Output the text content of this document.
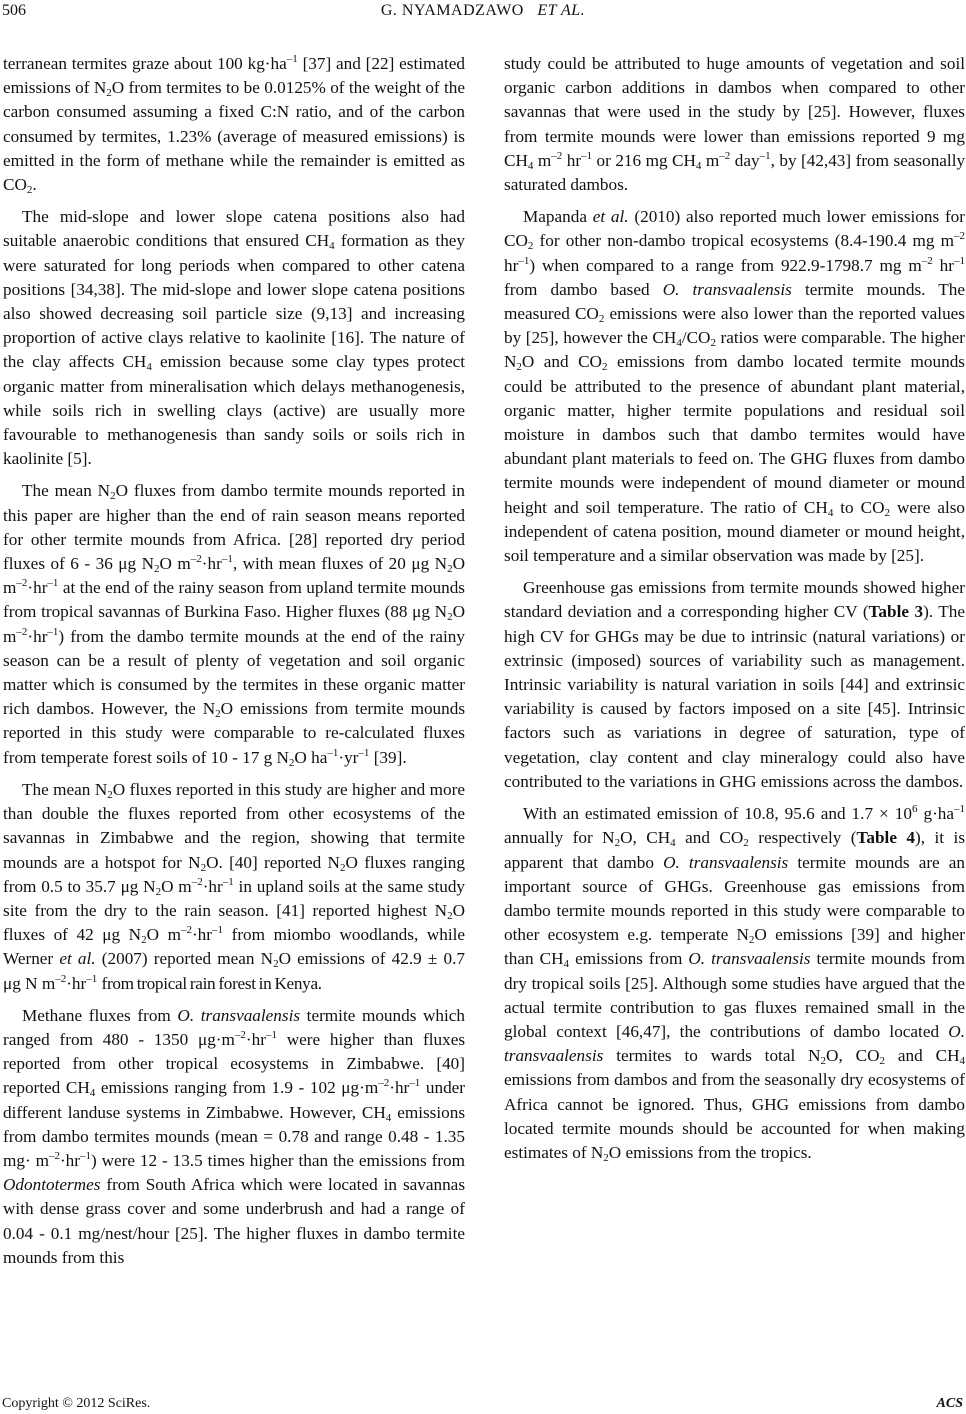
506	G. NYAMADZAWO ET AL.

terranean termites graze about 100 $kg\cdot ha^{-1}$ [37] and [22] estimated emissions of $N_2O$ from termites to be 0.0125% of the weight of the carbon consumed assuming a fixed C:N ratio, and of the carbon consumed by termites, 1.23% (average of measured emissions) is emitted in the form of methane while the remainder is emitted as $CO_2$.

The mid-slope and lower slope catena positions also had suitable anaerobic conditions that ensured $CH_4$ formation as they were saturated for long periods when compared to other catena positions [34,38]. The mid-slope and lower slope catena positions also showed decreasing soil particle size (9,13] and increasing proportion of active clays relative to kaolinite [16]. The nature of the clay affects $CH_4$ emission because some clay types protect organic matter from mineralisation which delays methanogenesis, while soils rich in swelling clays (active) are usually more favourable to methanogenesis than sandy soils or soils rich in kaolinite [5].

The mean $N_2O$ fluxes from dambo termite mounds reported in this paper are higher than the end of rain season means reported for other termite mounds from Africa. [28] reported dry period fluxes of 6 - 36 μg $N_2O$ $m^{-2}\cdot hr^{-1}$, with mean fluxes of 20 μg $N_2O$ $m^{-2}\cdot hr^{-1}$ at the end of the rainy season from upland termite mounds from tropical savannas of Burkina Faso. Higher fluxes (88 μg $N_2O$ $m^{-2}\cdot hr^{-1}$) from the dambo termite mounds at the end of the rainy season can be a result of plenty of vegetation and soil organic matter which is consumed by the termites in these organic matter rich dambos. However, the $N_2O$ emissions from termite mounds reported in this study were comparable to re-calculated fluxes from temperate forest soils of 10 - 17 g $N_2O$ $ha^{-1}\cdot yr^{-1}$ [39].

The mean $N_2O$ fluxes reported in this study are higher and more than double the fluxes reported from other ecosystems of the savannas in Zimbabwe and the region, showing that termite mounds are a hotspot for $N_2O$. [40] reported $N_2O$ fluxes ranging from 0.5 to 35.7 μg $N_2O$ $m^{-2}\cdot hr^{-1}$ in upland soils at the same study site from the dry to the rain season. [41] reported highest $N_2O$ fluxes of 42 μg $N_2O$ $m^{-2}\cdot hr^{-1}$ from miombo woodlands, while Werner et al. (2007) reported mean $N_2O$ emissions of 42.9 ± 0.7 μg N $m^{-2}\cdot hr^{-1}$ from tropical rain forest in Kenya.

Methane fluxes from O. transvaalensis termite mounds which ranged from 480 - 1350 $\mu g\cdot m^{-2}\cdot hr^{-1}$ were higher than fluxes reported from other tropical ecosystems in Zimbabwe. [40] reported $CH_4$ emissions ranging from 1.9 - 102 $\mu g\cdot m^{-2}\cdot hr^{-1}$ under different landuse systems in Zimbabwe. However, $CH_4$ emissions from dambo termites mounds (mean = 0.78 and range 0.48 - 1.35 $mg\cdot m^{-2}\cdot hr^{-1}$) were 12 - 13.5 times higher than the emissions from Odontotermes from South Africa which were located in savannas with dense grass cover and some underbrush and had a range of 0.04 - 0.1 mg/nest/hour [25]. The higher fluxes in dambo termite mounds from this

study could be attributed to huge amounts of vegetation and soil organic carbon additions in dambos when compared to other savannas that were used in the study by [25]. However, fluxes from termite mounds were lower than emissions reported 9 mg $CH_4$ $m^{-2}$ $hr^{-1}$ or 216 mg $CH_4$ $m^{-2}$ day$^{-1}$, by [42,43] from seasonally saturated dambos.

Mapanda et al. (2010) also reported much lower emissions for $CO_2$ for other non-dambo tropical ecosystems (8.4-190.4 mg $m^{-2}$ $hr^{-1}$) when compared to a range from 922.9-1798.7 mg $m^{-2}$ $hr^{-1}$ from dambo based O. transvaalensis termite mounds. The measured $CO_2$ emissions were also lower than the reported values by [25], however the $CH_4/CO_2$ ratios were comparable. The higher $N_2O$ and $CO_2$ emissions from dambo located termite mounds could be attributed to the presence of abundant plant material, organic matter, higher termite populations and residual soil moisture in dambos such that dambo termites would have abundant plant materials to feed on. The GHG fluxes from dambo termite mounds were independent of mound diameter or mound height and soil temperature. The ratio of $CH_4$ to $CO_2$ were also independent of catena position, mound diameter or mound height, soil temperature and a similar observation was made by [25].

Greenhouse gas emissions from termite mounds showed higher standard deviation and a corresponding higher CV (Table 3). The high CV for GHGs may be due to intrinsic (natural variations) or extrinsic (imposed) sources of variability such as management. Intrinsic variability is natural variation in soils [44] and extrinsic variability is caused by factors imposed on a site [45]. Intrinsic factors such as variations in degree of saturation, type of vegetation, clay content and clay mineralogy could also have contributed to the variations in GHG emissions across the dambos.

With an estimated emission of 10.8, 95.6 and $1.7 \times 10^6$ $g\cdot ha^{-1}$ annually for $N_2O$, $CH_4$ and $CO_2$ respectively (Table 4), it is apparent that dambo O. transvaalensis termite mounds are an important source of GHGs. Greenhouse gas emissions from dambo termite mounds reported in this study were comparable to other ecosystem e.g. temperate $N_2O$ emissions [39] and higher than $CH_4$ emissions from O. transvaalensis termite mounds from dry tropical soils [25]. Although some studies have argued that the actual termite contribution to gas fluxes remained small in the global context [46,47], the contributions of dambo located O. transvaalensis termites to wards total $N_2O$, $CO_2$ and $CH_4$ emissions from dambos and from the seasonally dry ecosystems of Africa cannot be ignored. Thus, GHG emissions from dambo located termite mounds should be accounted for when making estimates of $N_2O$ emissions from the tropics.

Copyright © 2012 SciRes.	ACS
